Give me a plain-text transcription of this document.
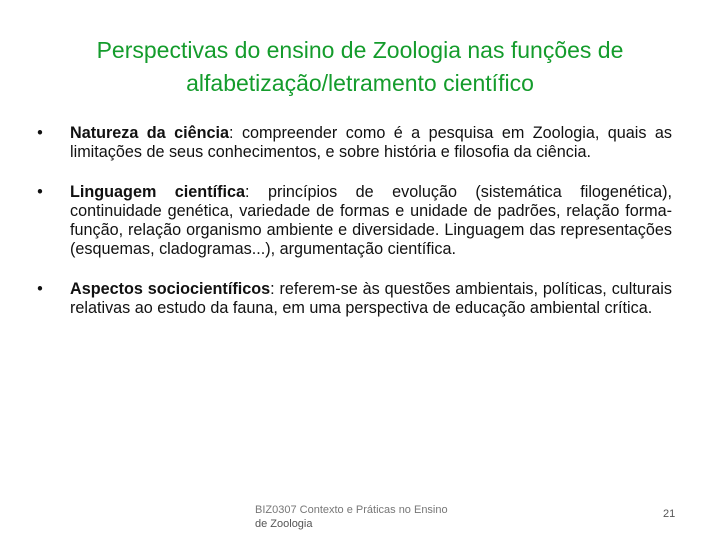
Perspectivas do ensino de Zoologia nas funções de
alfabetização/letramento científico
•	Natureza da ciência: compreender como é a pesquisa em Zoologia, quais as limitações de seus conhecimentos, e sobre história e filosofia da ciência.
•	Linguagem científica: princípios de evolução (sistemática filogenética), continuidade genética, variedade de formas e unidade de padrões, relação forma-função, relação organismo ambiente e diversidade. Linguagem das representações (esquemas, cladogramas...), argumentação científica.
•	Aspectos sociocientíficos: referem-se às questões ambientais, políticas, culturais relativas ao estudo da fauna, em uma perspectiva de educação ambiental crítica.
BIZ0307 Contexto e Práticas no Ensino
de Zoologia
21
